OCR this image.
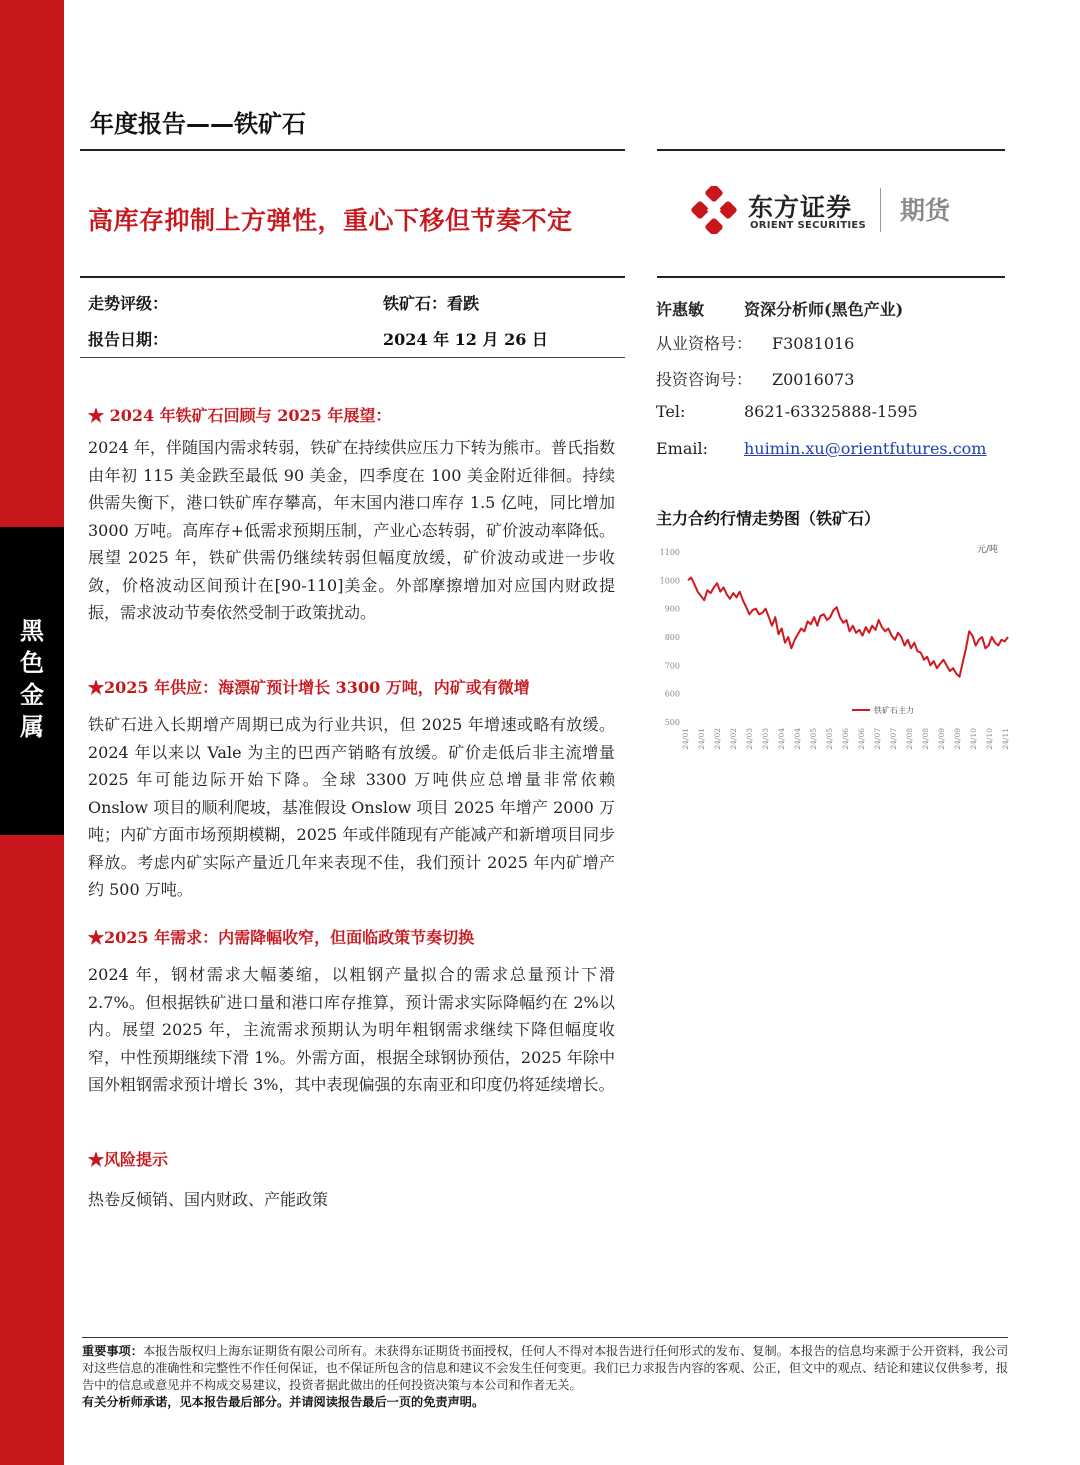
黑
色
金
属
年度报告——铁矿石
高库存抑制上方弹性，重心下移但节奏不定	东方证券
ORIENT SECURITIES
期货
走势评级：	铁矿石：看跌
报告日期：	2024 年 12 月 26 日
★ 2024 年铁矿石回顾与 2025 年展望：
2024 年，伴随国内需求转弱，铁矿在持续供应压力下转为熊市。普氏指数由年初 115 美金跌至最低 90 美金，四季度在 100 美金附近徘徊。持续供需失衡下，港口铁矿库存攀高，年末国内港口库存 1.5 亿吨，同比增加 3000 万吨。高库存+低需求预期压制，产业心态转弱，矿价波动率降低。展望 2025 年，铁矿供需仍继续转弱但幅度放缓，矿价波动或进一步收敛，价格波动区间预计在[90-110]美金。外部摩擦增加对应国内财政提振，需求波动节奏依然受制于政策扰动。
★2025 年供应：海漂矿预计增长 3300 万吨，内矿或有微增
铁矿石进入长期增产周期已成为行业共识，但 2025 年增速或略有放缓。2024 年以来以 Vale 为主的巴西产销略有放缓。矿价走低后非主流增量 2025 年可能边际开始下降。全球 3300 万吨供应总增量非常依赖 Onslow 项目的顺利爬坡，基准假设 Onslow 项目 2025 年增产 2000 万吨；内矿方面市场预期模糊，2025 年或伴随现有产能减产和新增项目同步释放。考虑内矿实际产量近几年来表现不佳，我们预计 2025 年内矿增产约 500 万吨。
★2025 年需求：内需降幅收窄，但面临政策节奏切换
2024 年，钢材需求大幅萎缩，以粗钢产量拟合的需求总量预计下滑 2.7%。但根据铁矿进口量和港口库存推算，预计需求实际降幅约在 2%以内。展望 2025 年，主流需求预期认为明年粗钢需求继续下降但幅度收窄，中性预期继续下滑 1%。外需方面，根据全球钢协预估，2025 年除中国外粗钢需求预计增长 3%，其中表现偏强的东南亚和印度仍将延续增长。
★风险提示
热卷反倾销、国内财政、产能政策
许惠敏 资深分析师(黑色产业)
从业资格号： F3081016
投资咨询号： Z0016073
Tel:	8621-63325888-1595
Email: huimin.xu@orientfutures.com
主力合约行情走势图（铁矿石）
1100
1000
900
800
700
600
500
元/吨
24/01 24/01 24/02 24/02 24/03 24/03 24/04 24/04 24/05 24/05 24/06 24/06 24/07 24/07 24/08 24/08 24/09 24/09 24/10 24/10 24/11
铁矿石主力
重要事项：本报告版权归上海东证期货有限公司所有。未获得东证期货书面授权，任何人不得对本报告进行任何形式的发布、复制。本报告的信息均来源于公开资料，我公司对这些信息的准确性和完整性不作任何保证，也不保证所包含的信息和建议不会发生任何变更。我们已力求报告内容的客观、公正，但文中的观点、结论和建议仅供参考，报告中的信息或意见并不构成交易建议，投资者据此做出的任何投资决策与本公司和作者无关。
有关分析师承诺，见本报告最后部分。并请阅读报告最后一页的免责声明。
